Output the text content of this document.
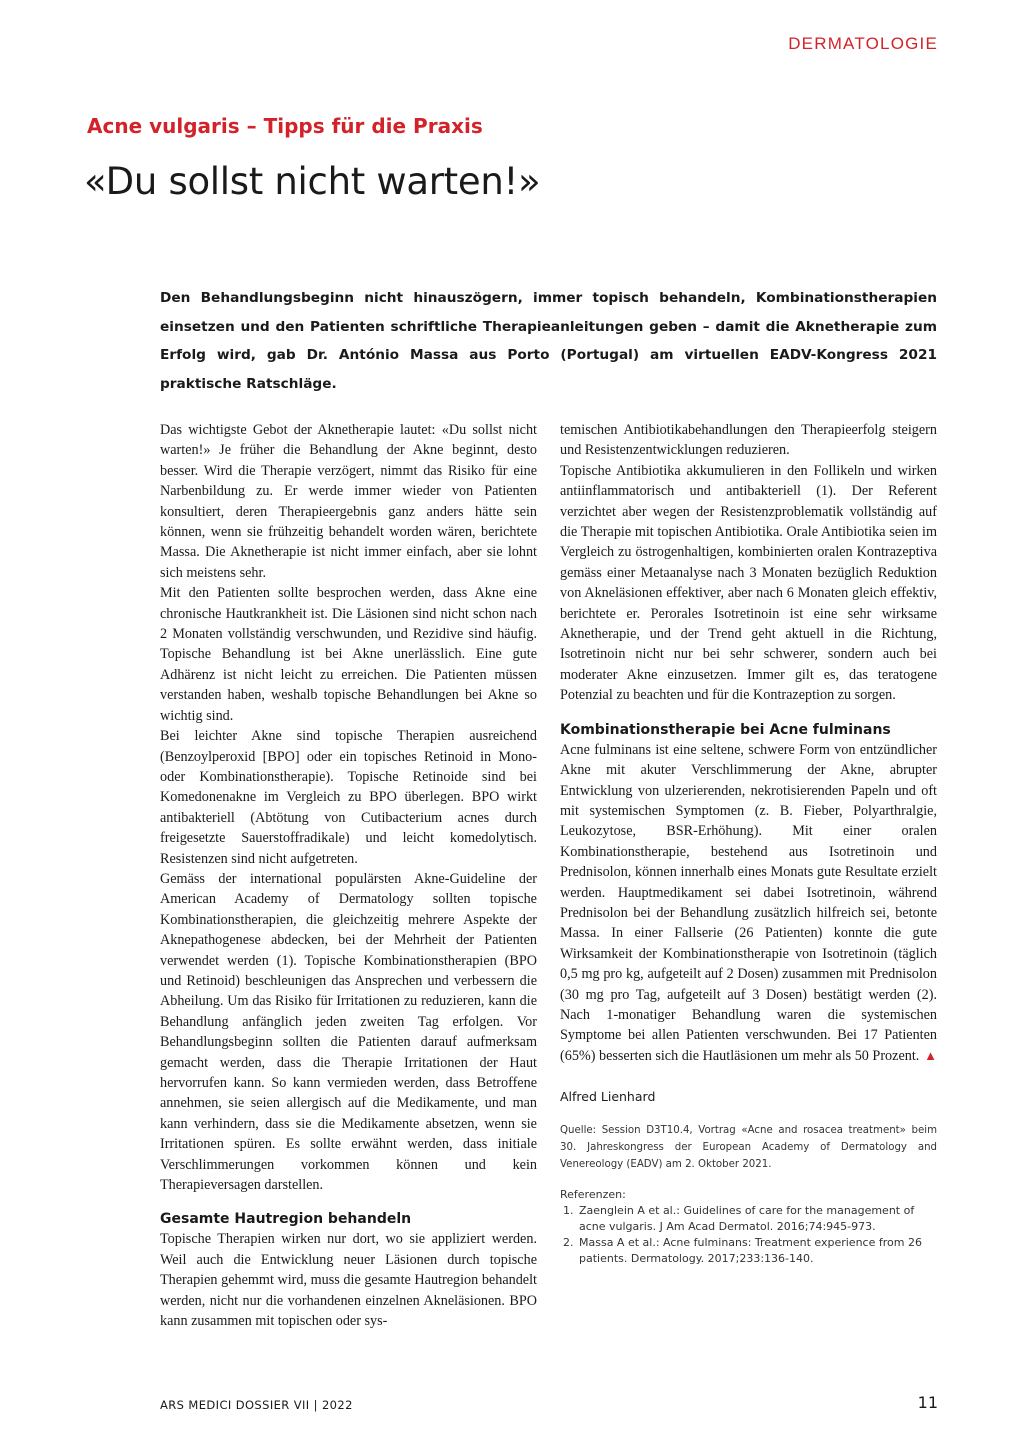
DERMATOLOGIE
Acne vulgaris – Tipps für die Praxis
«Du sollst nicht warten!»

Den Behandlungsbeginn nicht hinauszögern, immer topisch behandeln, Kombinationstherapien einsetzen und den Patienten schriftliche Therapieanleitungen geben – damit die Aknetherapie zum Erfolg wird, gab Dr. António Massa aus Porto (Portugal) am virtuellen EADV-Kongress 2021 praktische Ratschläge.

Das wichtigste Gebot der Aknetherapie lautet: «Du sollst nicht warten!» Je früher die Behandlung der Akne beginnt, desto besser. Wird die Therapie verzögert, nimmt das Risiko für eine Narbenbildung zu. Er werde immer wieder von Patienten konsultiert, deren Therapieergebnis ganz anders hätte sein können, wenn sie frühzeitig behandelt worden wären, berichtete Massa. Die Aknetherapie ist nicht immer einfach, aber sie lohnt sich meistens sehr.

Mit den Patienten sollte besprochen werden, dass Akne eine chronische Hautkrankheit ist. Die Läsionen sind nicht schon nach 2 Monaten vollständig verschwunden, und Rezidive sind häufig. Topische Behandlung ist bei Akne unerlässlich. Eine gute Adhärenz ist nicht leicht zu erreichen. Die Patienten müssen verstanden haben, weshalb topische Behandlungen bei Akne so wichtig sind.

Bei leichter Akne sind topische Therapien ausreichend (Benzoylperoxid [BPO] oder ein topisches Retinoid in Mono- oder Kombinationstherapie). Topische Retinoide sind bei Komedonenakne im Vergleich zu BPO überlegen. BPO wirkt antibakteriell (Abtötung von Cutibacterium acnes durch freigesetzte Sauerstoffradikale) und leicht komedolytisch. Resistenzen sind nicht aufgetreten.

Gemäss der international populärsten Akne-Guideline der American Academy of Dermatology sollten topische Kombinationstherapien, die gleichzeitig mehrere Aspekte der Aknepathogenese abdecken, bei der Mehrheit der Patienten verwendet werden (1). Topische Kombinationstherapien (BPO und Retinoid) beschleunigen das Ansprechen und verbessern die Abheilung. Um das Risiko für Irritationen zu reduzieren, kann die Behandlung anfänglich jeden zweiten Tag erfolgen. Vor Behandlungsbeginn sollten die Patienten darauf aufmerksam gemacht werden, dass die Therapie Irritationen der Haut hervorrufen kann. So kann vermieden werden, dass Betroffene annehmen, sie seien allergisch auf die Medikamente, und man kann verhindern, dass sie die Medikamente absetzen, wenn sie Irritationen spüren. Es sollte erwähnt werden, dass initiale Verschlimmerungen vorkommen können und kein Therapieversagen darstellen.

Gesamte Hautregion behandeln

Topische Therapien wirken nur dort, wo sie appliziert werden. Weil auch die Entwicklung neuer Läsionen durch topische Therapien gehemmt wird, muss die gesamte Hautregion behandelt werden, nicht nur die vorhandenen einzelnen Akneläsionen. BPO kann zusammen mit topischen oder sys-

temischen Antibiotikabehandlungen den Therapieerfolg steigern und Resistenzentwicklungen reduzieren.

Topische Antibiotika akkumulieren in den Follikeln und wirken antiinflammatorisch und antibakteriell (1). Der Referent verzichtet aber wegen der Resistenzproblematik vollständig auf die Therapie mit topischen Antibiotika. Orale Antibiotika seien im Vergleich zu östrogenhaltigen, kombinierten oralen Kontrazeptiva gemäss einer Metaanalyse nach 3 Monaten bezüglich Reduktion von Akneläsionen effektiver, aber nach 6 Monaten gleich effektiv, berichtete er. Perorales Isotretinoin ist eine sehr wirksame Aknetherapie, und der Trend geht aktuell in die Richtung, Isotretinoin nicht nur bei sehr schwerer, sondern auch bei moderater Akne einzusetzen. Immer gilt es, das teratogene Potenzial zu beachten und für die Kontrazeption zu sorgen.

Kombinationstherapie bei Acne fulminans

Acne fulminans ist eine seltene, schwere Form von entzündlicher Akne mit akuter Verschlimmerung der Akne, abrupter Entwicklung von ulzerierenden, nekrotisierenden Papeln und oft mit systemischen Symptomen (z. B. Fieber, Polyarthralgie, Leukozytose, BSR-Erhöhung). Mit einer oralen Kombinationstherapie, bestehend aus Isotretinoin und Prednisolon, können innerhalb eines Monats gute Resultate erzielt werden. Hauptmedikament sei dabei Isotretinoin, während Prednisolon bei der Behandlung zusätzlich hilfreich sei, betonte Massa. In einer Fallserie (26 Patienten) konnte die gute Wirksamkeit der Kombinationstherapie von Isotretinoin (täglich 0,5 mg pro kg, aufgeteilt auf 2 Dosen) zusammen mit Prednisolon (30 mg pro Tag, aufgeteilt auf 3 Dosen) bestätigt werden (2). Nach 1-monatiger Behandlung waren die systemischen Symptome bei allen Patienten verschwunden. Bei 17 Patienten (65%) besserten sich die Hautläsionen um mehr als 50 Prozent. ▲

Alfred Lienhard
Quelle: Session D3T10.4, Vortrag «Acne and rosacea treatment» beim 30. Jahreskongress der European Academy of Dermatology and Venereology (EADV) am 2. Oktober 2021.
Referenzen:
1. Zaenglein A et al.: Guidelines of care for the management of acne vulgaris. J Am Acad Dermatol. 2016;74:945-973.
2. Massa A et al.: Acne fulminans: Treatment experience from 26 patients. Dermatology. 2017;233:136-140.
ARS MEDICI DOSSIER VII | 2022	11
